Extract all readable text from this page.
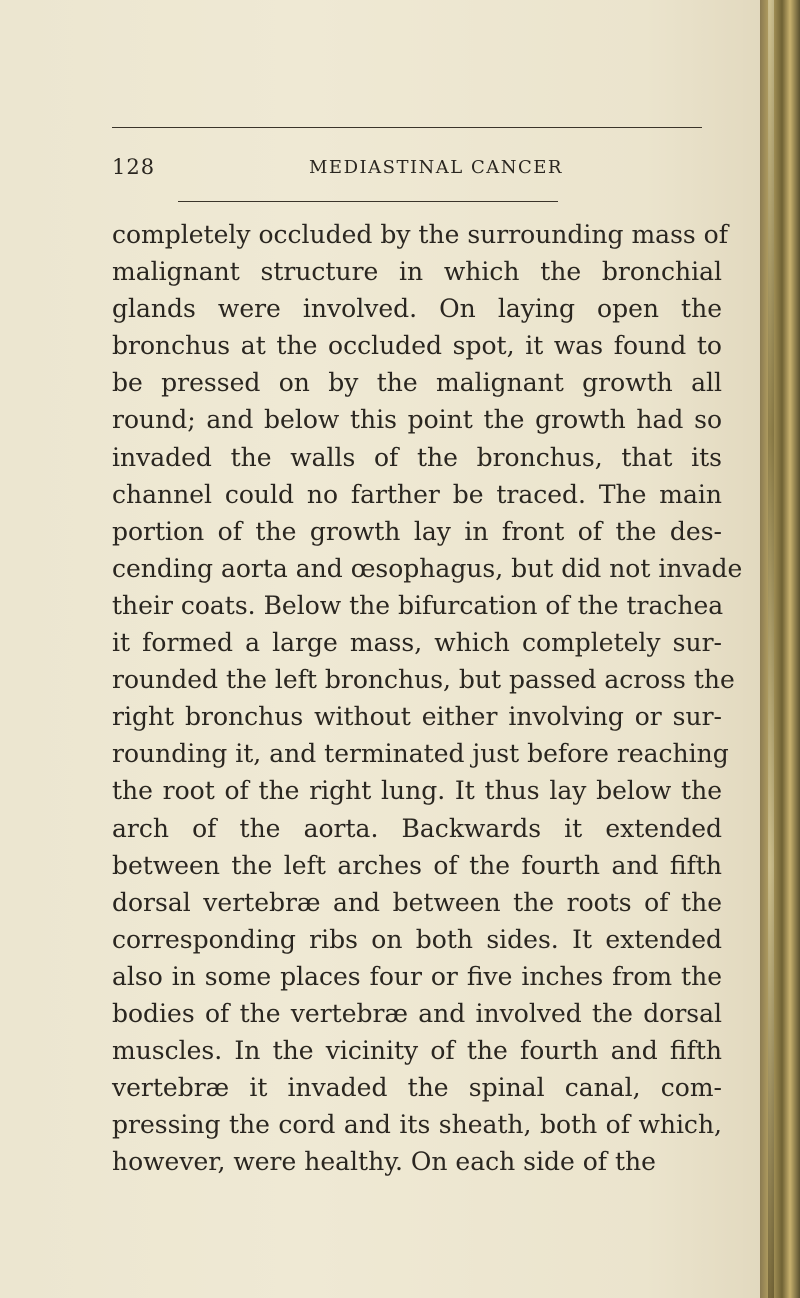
128	MEDIASTINAL CANCER
completely occluded by the surrounding mass of
malignant structure in which the bronchial
glands were involved. On laying open the
bronchus at the occluded spot, it was found to
be pressed on by the malignant growth all
round; and below this point the growth had so
invaded the walls of the bronchus, that its
channel could no farther be traced. The main
portion of the growth lay in front of the des-
cending aorta and œsophagus, but did not invade
their coats. Below the bifurcation of the trachea
it formed a large mass, which completely sur-
rounded the left bronchus, but passed across the
right bronchus without either involving or sur-
rounding it, and terminated just before reaching
the root of the right lung. It thus lay below the
arch of the aorta. Backwards it extended
between the left arches of the fourth and fifth
dorsal vertebræ and between the roots of the
corresponding ribs on both sides. It extended
also in some places four or five inches from the
bodies of the vertebræ and involved the dorsal
muscles. In the vicinity of the fourth and fifth
vertebræ it invaded the spinal canal, com-
pressing the cord and its sheath, both of which,
however, were healthy. On each side of the
